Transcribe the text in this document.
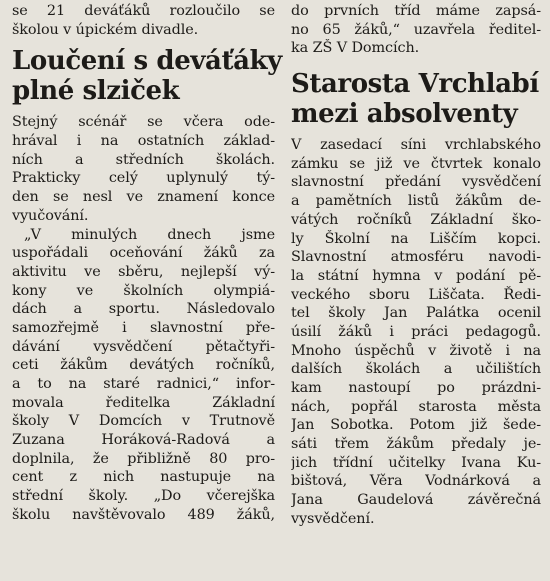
se 21 deváťáků rozloučilo se
školou v úpickém divadle.
Loučení s deváťáky
plné slziček
Stejný scénář se včera ode-
hrával i na ostatních základ-
ních a středních školách.
Prakticky celý uplynulý tý-
den se nesl ve znamení konce
vyučování.
„V minulých dnech jsme
uspořádali oceňování žáků za
aktivitu ve sběru, nejlepší vý-
kony ve školních olympiá-
dách a sportu. Následovalo
samozřejmě i slavnostní pře-
dávání vysvědčení pětačtyři-
ceti žákům devátých ročníků,
a to na staré radnici,“ infor-
movala ředitelka Základní
školy V Domcích v Trutnově
Zuzana Horáková-Radová a
doplnila, že přibližně 80 pro-
cent z nich nastupuje na
střední školy. „Do včerejška
školu navštěvovalo 489 žáků,
do prvních tříd máme zapsá-
no 65 žáků,“ uzavřela ředitel-
ka ZŠ V Domcích.
Starosta Vrchlabí
mezi absolventy
V zasedací síni vrchlabského
zámku se již ve čtvrtek konalo
slavnostní předání vysvědčení
a pamětních listů žákům de-
vátých ročníků Základní ško-
ly Školní na Liščím kopci.
Slavnostní atmosféru navodi-
la státní hymna v podání pě-
veckého sboru Liščata. Ředi-
tel školy Jan Palátka ocenil
úsilí žáků i práci pedagogů.
Mnoho úspěchů v životě i na
dalších školách a učilištích
kam nastoupí po prázdni-
nách, popřál starosta města
Jan Sobotka. Potom již šede-
sáti třem žákům předaly je-
jich třídní učitelky Ivana Ku-
bištová, Věra Vodnárková a
Jana Gaudelová závěrečná
vysvědčení.
